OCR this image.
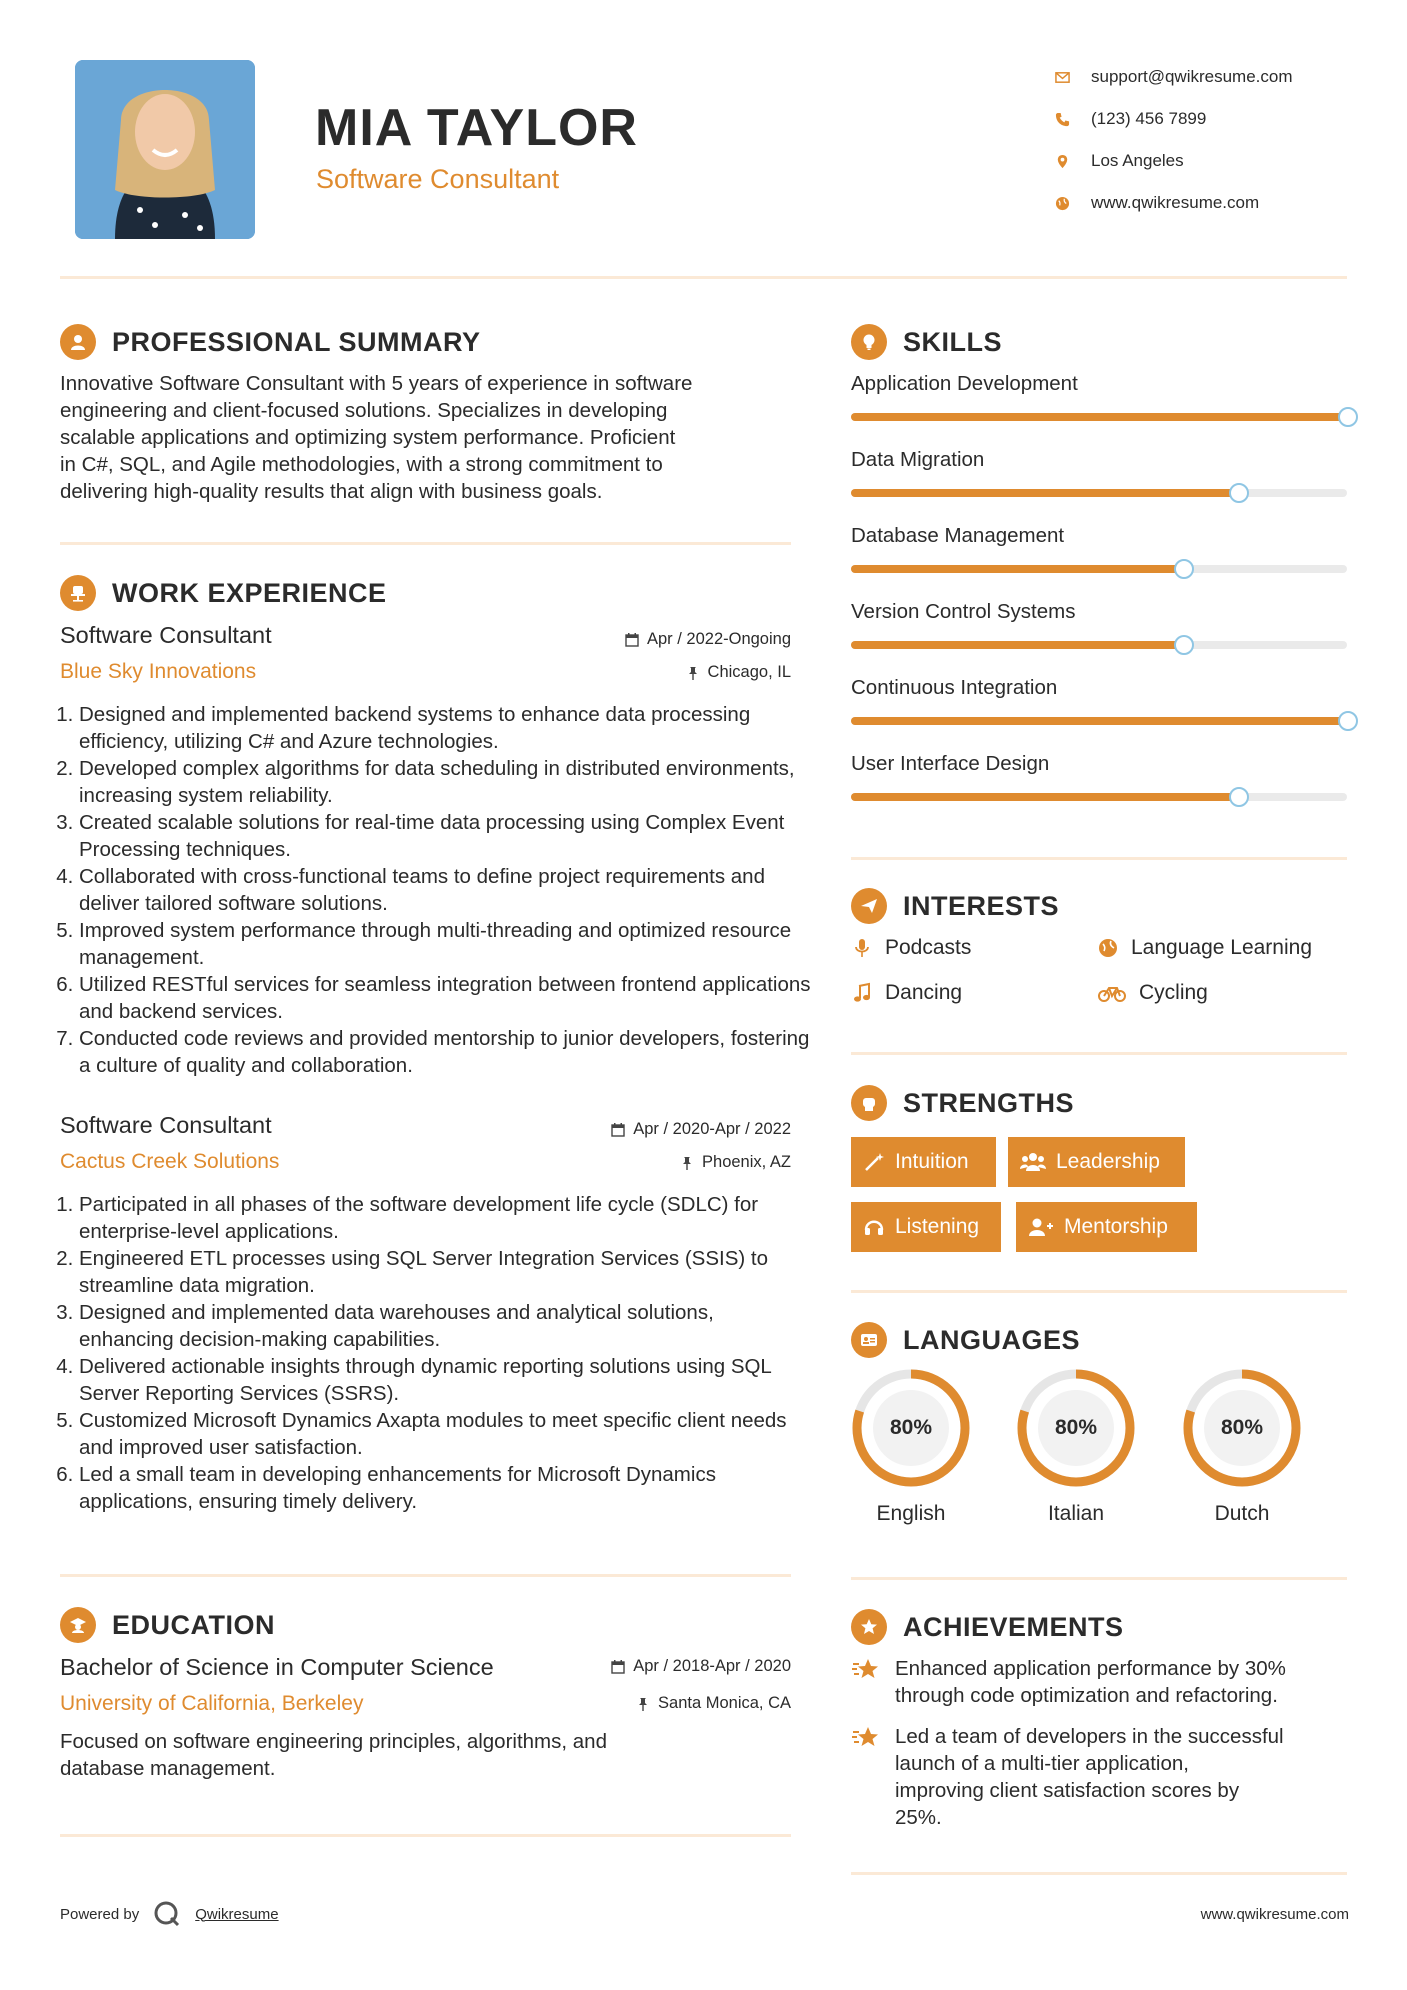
MIA TAYLOR
Software Consultant
support@qwikresume.com
(123) 456 7899
Los Angeles
www.qwikresume.com
PROFESSIONAL SUMMARY
Innovative Software Consultant with 5 years of experience in software
engineering and client-focused solutions. Specializes in developing
scalable applications and optimizing system performance. Proficient
in C#, SQL, and Agile methodologies, with a strong commitment to
delivering high-quality results that align with business goals.
WORK EXPERIENCE
Software Consultant
Blue Sky Innovations
Apr / 2022-Ongoing
Chicago, IL
1. Designed and implemented backend systems to enhance data processing efficiency, utilizing C# and Azure technologies.
2. Developed complex algorithms for data scheduling in distributed environments, increasing system reliability.
3. Created scalable solutions for real-time data processing using Complex Event Processing techniques.
4. Collaborated with cross-functional teams to define project requirements and deliver tailored software solutions.
5. Improved system performance through multi-threading and optimized resource management.
6. Utilized RESTful services for seamless integration between frontend applications and backend services.
7. Conducted code reviews and provided mentorship to junior developers, fostering a culture of quality and collaboration.
Software Consultant
Cactus Creek Solutions
Apr / 2020-Apr / 2022
Phoenix, AZ
1. Participated in all phases of the software development life cycle (SDLC) for enterprise-level applications.
2. Engineered ETL processes using SQL Server Integration Services (SSIS) to streamline data migration.
3. Designed and implemented data warehouses and analytical solutions, enhancing decision-making capabilities.
4. Delivered actionable insights through dynamic reporting solutions using SQL Server Reporting Services (SSRS).
5. Customized Microsoft Dynamics Axapta modules to meet specific client needs and improved user satisfaction.
6. Led a small team in developing enhancements for Microsoft Dynamics applications, ensuring timely delivery.
EDUCATION
Bachelor of Science in Computer Science
University of California, Berkeley
Apr / 2018-Apr / 2020
Santa Monica, CA
Focused on software engineering principles, algorithms, and
database management.
SKILLS
Application Development
Data Migration
Database Management
Version Control Systems
Continuous Integration
User Interface Design
INTERESTS
Podcasts	Language Learning
Dancing	Cycling
STRENGTHS
Intuition	Leadership
Listening	Mentorship
LANGUAGES
80%
English
80%
Italian
80%
Dutch
ACHIEVEMENTS
Enhanced application performance by 30%
through code optimization and refactoring.
Led a team of developers in the successful
launch of a multi-tier application,
improving client satisfaction scores by
25%.
Powered by	Qwikresume	www.qwikresume.com
